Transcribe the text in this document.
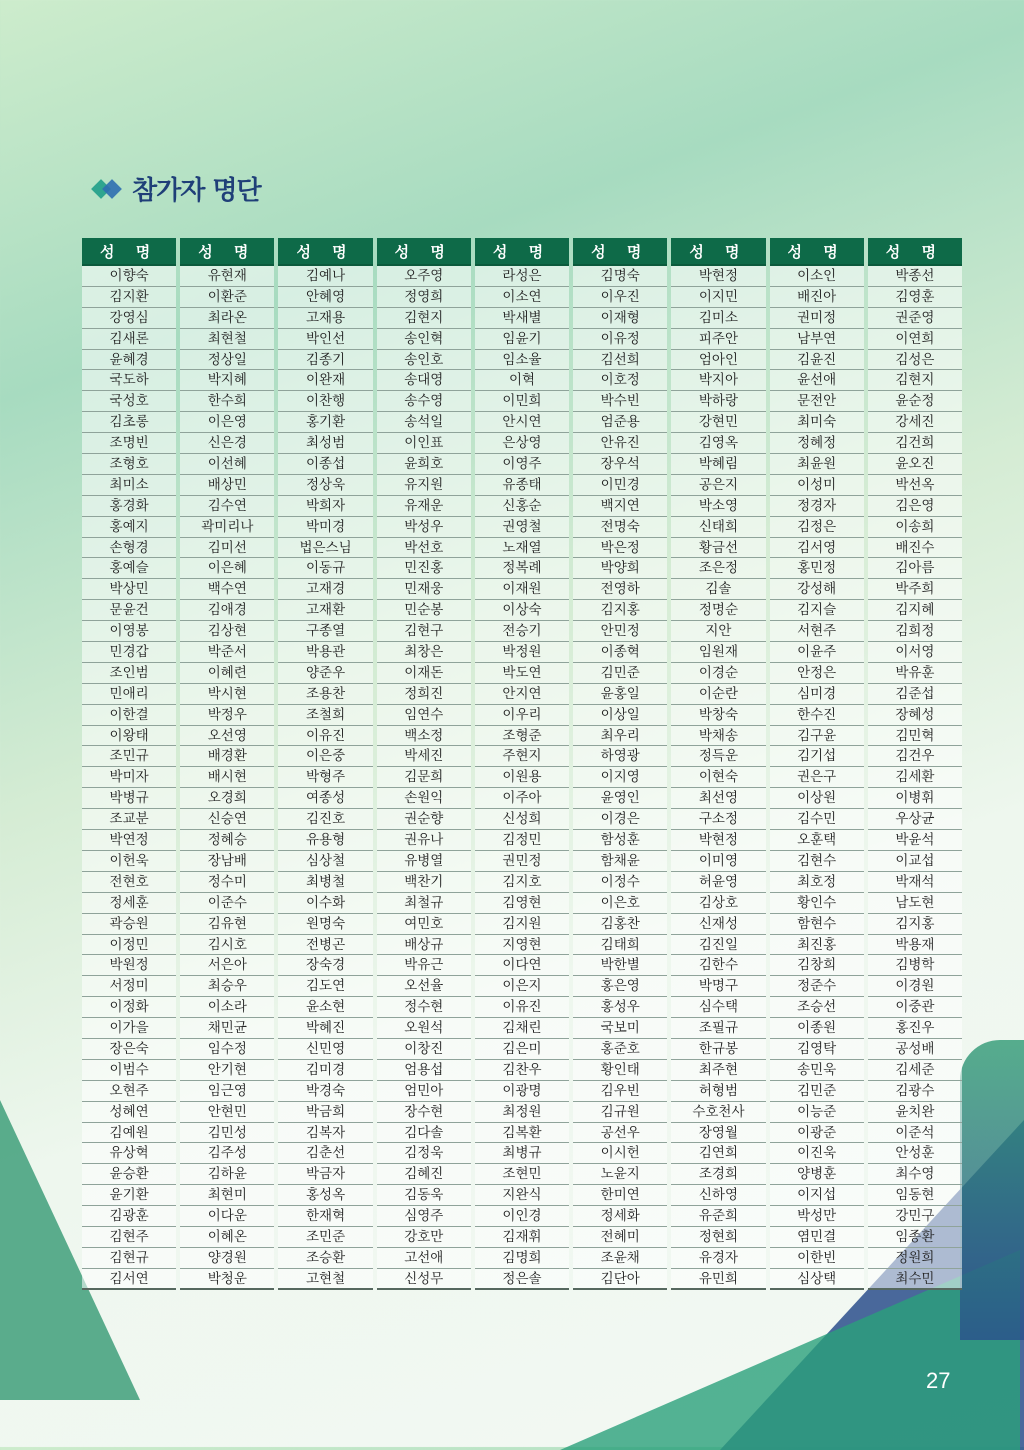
참가자 명단
성 명
이향숙
김지환
강영심
김새론
윤혜경
국도하
국성호
김초롱
조명빈
조형호
최미소
홍경화
홍예지
손형경
홍예슬
박상민
문윤건
이영봉
민경갑
조인범
민애리
이한결
이왕태
조민규
박미자
박병규
조교분
박연정
이헌욱
전현호
정세훈
곽승원
이정민
박원정
서정미
이정화
이가을
장은숙
이범수
오현주
성혜연
김예원
유상혁
윤승환
윤기환
김광훈
김현주
김현규
김서연
성 명
유현재
이환준
최라온
최현철
정상일
박지혜
한수희
이은영
신은경
이선혜
배상민
김수연
곽미리나
김미선
이은혜
백수연
김애경
김상현
박준서
이혜련
박시현
박정우
오선영
배경환
배시현
오경희
신승연
정혜승
장남배
정수미
이준수
김유현
김시호
서은아
최승우
이소라
채민균
임수정
안기현
임근영
안현민
김민성
김주성
김하윤
최현미
이다운
이혜온
양경원
박청운
성 명
김예나
안혜영
고재용
박인선
김종기
이완재
이찬행
홍기환
최성범
이종섭
정상욱
박희자
박미경
법은스님
이동규
고재경
고재환
구종열
박용관
양준우
조용찬
조철희
이유진
이은중
박형주
여종성
김진호
유용형
심상철
최병철
이수화
원명숙
전병곤
장숙경
김도연
윤소현
박혜진
신민영
김미경
박경숙
박금희
김복자
김춘선
박금자
홍성옥
한재혁
조민준
조승환
고현철
성 명
오주영
정영희
김현지
송인혁
송인호
송대영
송수영
송석일
이인표
윤희호
유지원
유재운
박성우
박선호
민진홍
민재웅
민순봉
김현구
최창은
이재돈
정희진
임연수
백소정
박세진
김문희
손원익
권순향
권유나
유병열
백찬기
최철규
여민호
배상규
박유근
오선율
정수현
오원석
이창진
엄용섭
엄민아
장수현
김다솔
김정욱
김혜진
김동욱
심영주
강호만
고선애
신성무
성 명
라성은
이소연
박새별
임윤기
임소율
이혁
이민희
안시연
은상영
이영주
유종태
신홍순
권영철
노재열
정복례
이재원
이상숙
전승기
박정원
박도연
안지연
이우리
조형준
주현지
이원용
이주아
신성희
김정민
권민정
김지호
김영현
김지원
지영현
이다연
이은지
이유진
김채린
김은미
김찬우
이광명
최정원
김복환
최병규
조현민
지완식
이인경
김재휘
김명희
정은솔
성 명
김명숙
이우진
이재형
이유정
김선희
이호정
박수빈
엄준용
안유진
장우석
이민경
백지연
전명숙
박은정
박양희
전영하
김지홍
안민정
이종혁
김민준
윤홍일
이상일
최우리
하영광
이지영
윤영인
이경은
함성훈
함채윤
이정수
이은호
김홍찬
김태희
박한별
홍은영
홍성우
국보미
홍준호
황인태
김우빈
김규원
공선우
이시헌
노윤지
한미연
정세화
전혜미
조윤채
김단아
성 명
박현정
이지민
김미소
피주안
엄아인
박지아
박하랑
강현민
김영옥
박혜림
공은지
박소영
신태희
황금선
조은정
김솔
정명순
지안
임원재
이경순
이순란
박창숙
박채송
정득운
이현숙
최선영
구소정
박현정
이미영
허윤영
김상호
신재성
김진일
김한수
박명구
심수택
조필규
한규봉
최주현
허형범
수호천사
장영월
김연희
조경희
신하영
유준희
정현희
유경자
유민희
성 명
이소인
배진아
권미정
남부연
김윤진
윤선애
문전안
최미숙
정혜정
최윤원
이성미
정경자
김정은
김서영
홍민정
강성해
김지슬
서현주
이윤주
안정은
심미경
한수진
김구윤
김기섭
권은구
이상원
김수민
오훈택
김현수
최호정
황인수
함현수
최진홍
김창희
정준수
조승선
이종원
김영탁
송민욱
김민준
이능준
이광준
이진욱
양병훈
이지섭
박성만
염민결
이한빈
심상택
성 명
박종선
김영훈
권준영
이연희
김성은
김현지
윤순정
강세진
김건희
윤오진
박선옥
김은영
이송희
배진수
김아름
박주희
김지혜
김희정
이서영
박유훈
김준섭
장혜성
김민혁
김건우
김세환
이병휘
우상균
박윤석
이교섭
박재석
남도현
김지홍
박용재
김병학
이경원
이중관
홍진우
공성배
김세준
김광수
윤치완
이준석
안성훈
최수영
임동현
강민구
임종환
정원희
최수민
27
